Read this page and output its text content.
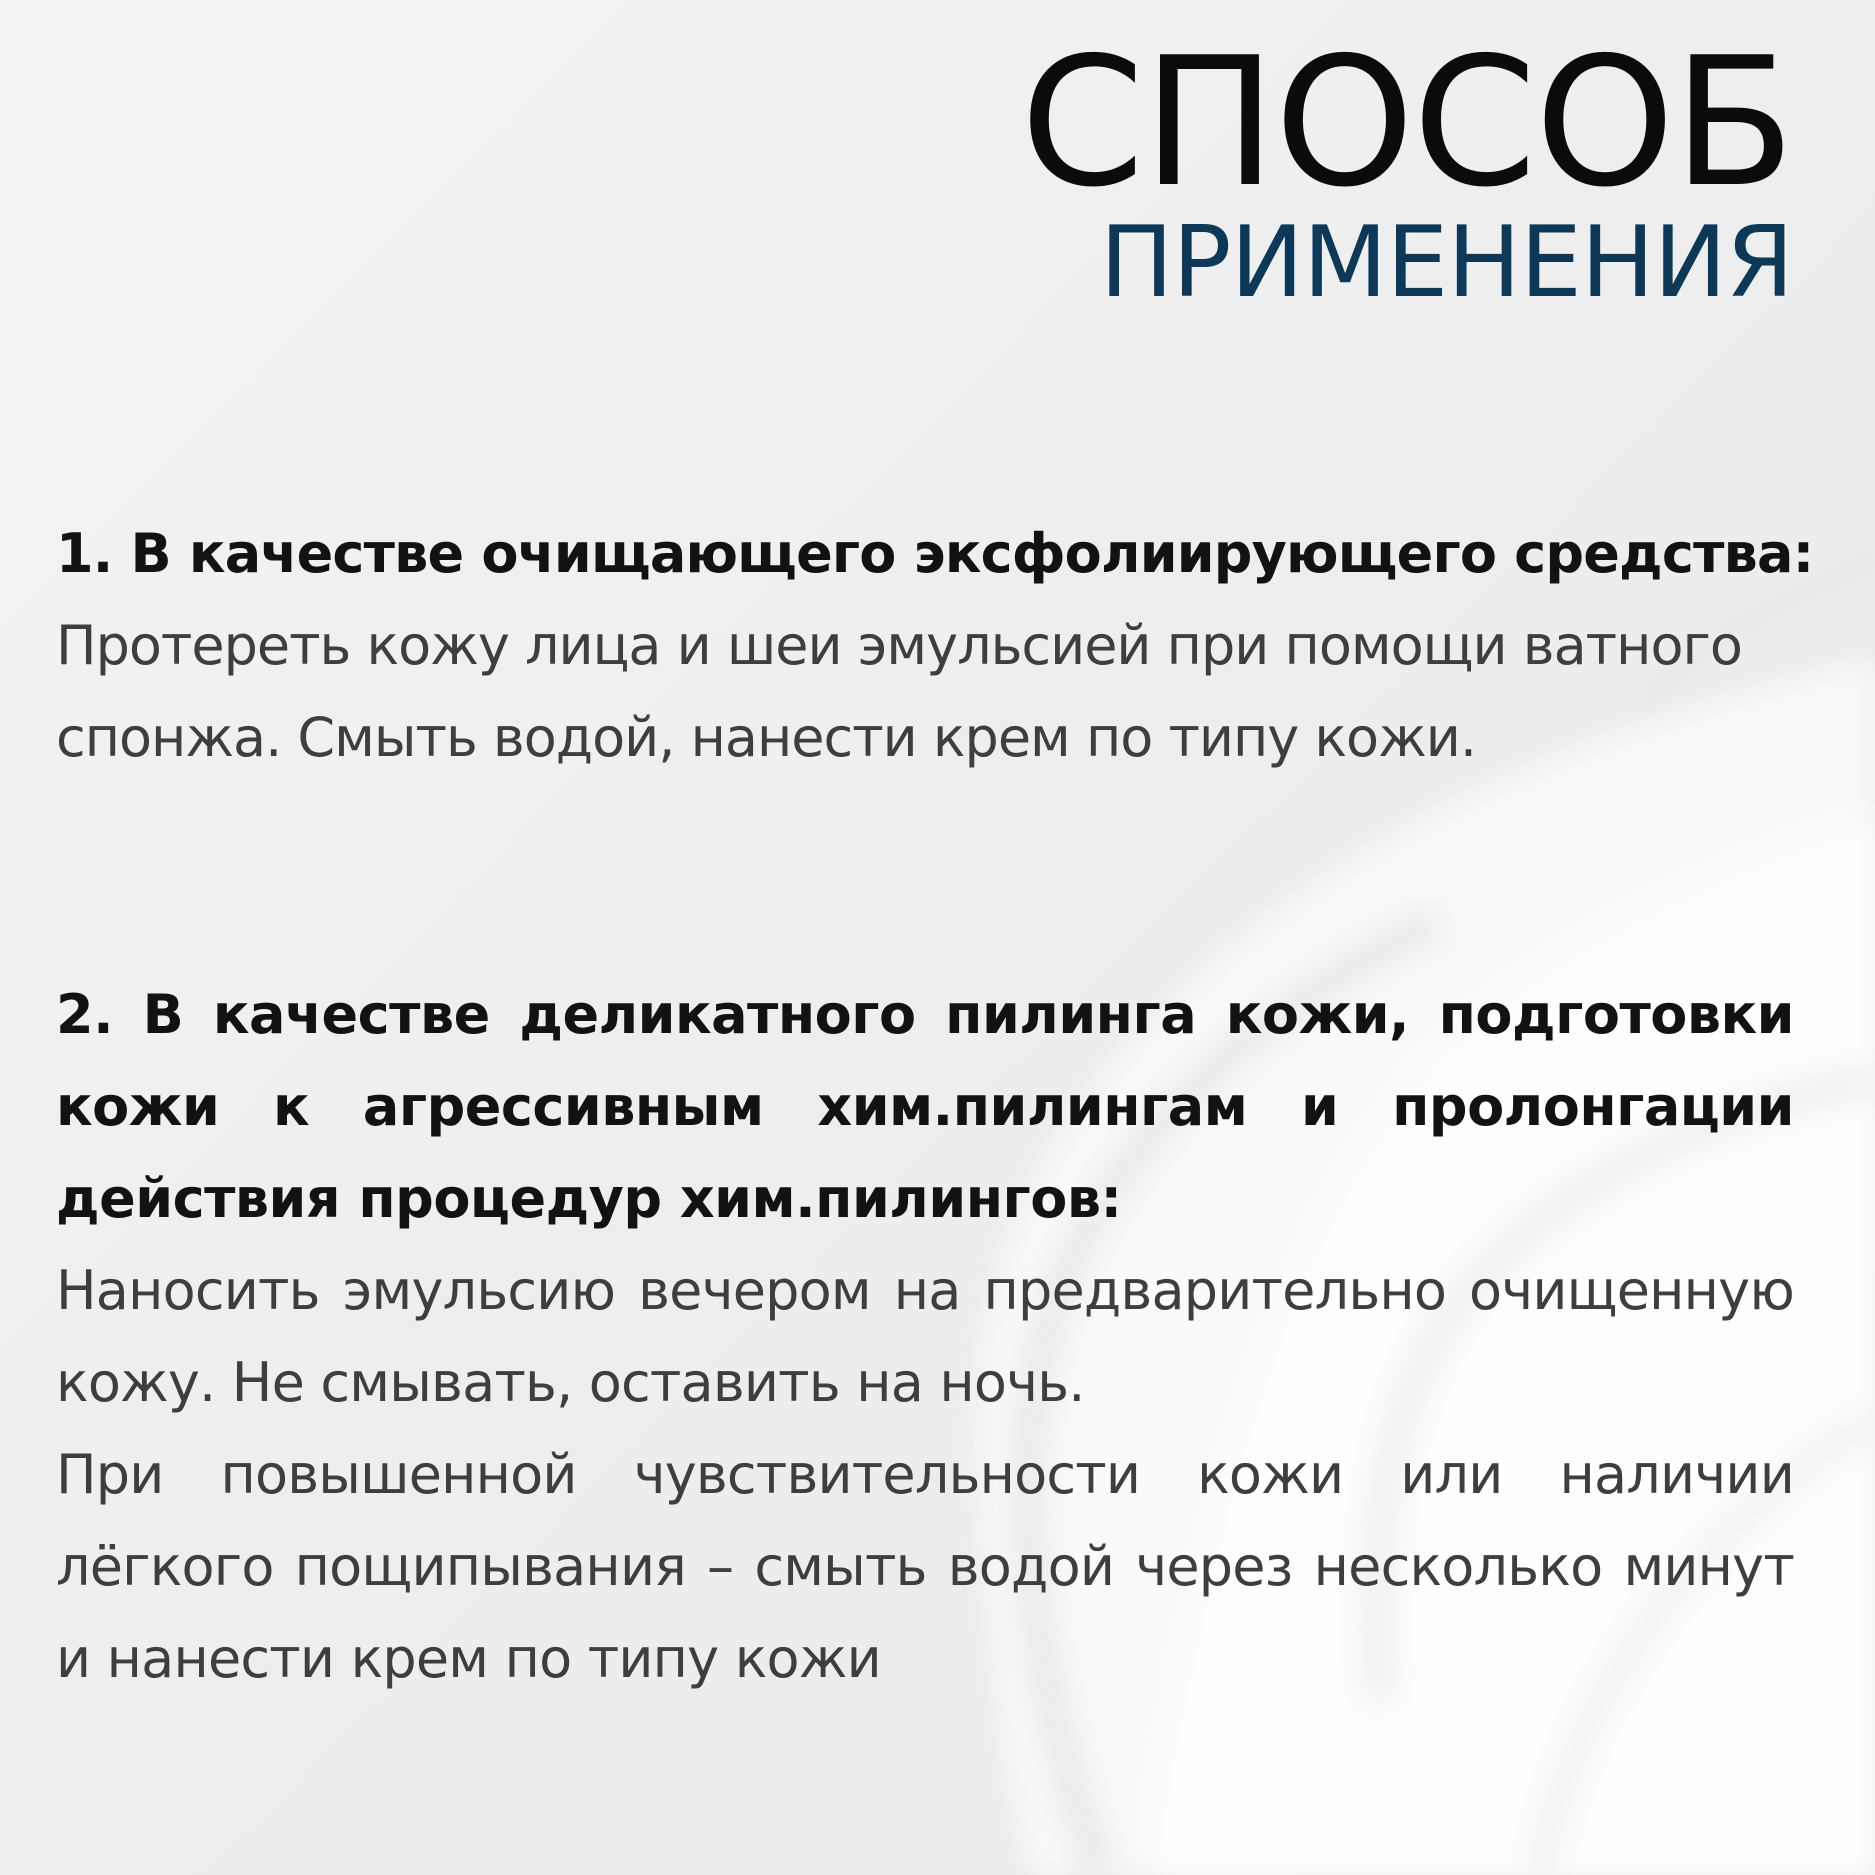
СПОСОБ
ПРИМЕНЕНИЯ
1. В качестве очищающего эксфолиирующего средства:
Протереть кожу лица и шеи эмульсией при помощи ватного спонжа. Смыть водой, нанести крем по типу кожи.
2. В качестве деликатного пилинга кожи, подготовки кожи к агрессивным хим.пилингам и пролонгации действия процедур хим.пилингов:
Наносить эмульсию вечером на предварительно очищенную кожу. Не смывать, оставить на ночь.
При повышенной чувствительности кожи или наличии лёгкого пощипывания – смыть водой через несколько минут и нанести крем по типу кожи
